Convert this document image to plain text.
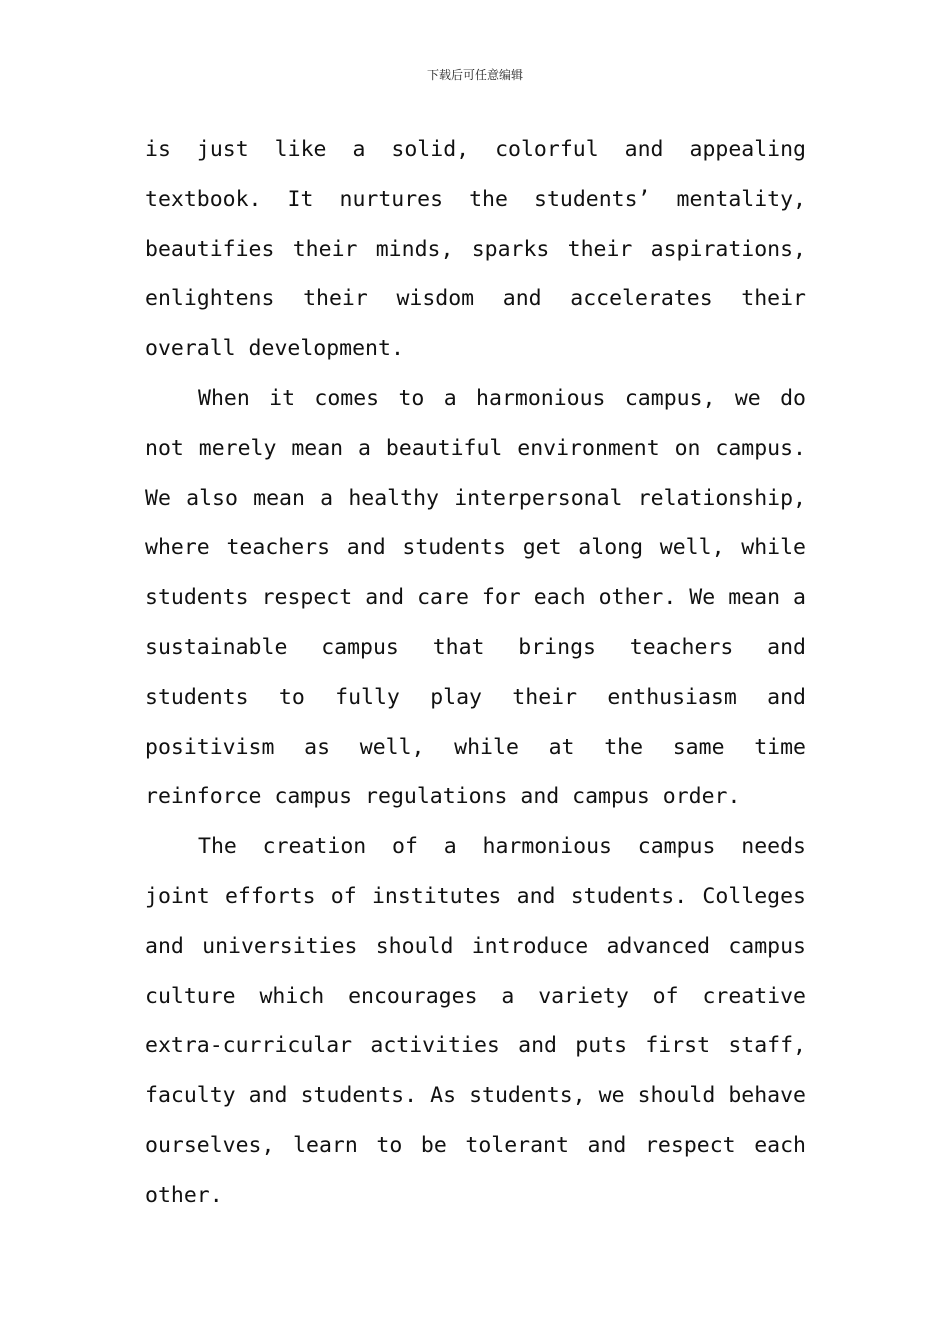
下载后可任意编辑

is just like a solid, colorful and appealing textbook. It nurtures the students’ mentality, beautifies their minds, sparks their aspirations, enlightens their wisdom and accelerates their overall development.

When it comes to a harmonious campus, we do not merely mean a beautiful environment on campus. We also mean a healthy interpersonal relationship, where teachers and students get along well, while students respect and care for each other. We mean a sustainable campus that brings teachers and students to fully play their enthusiasm and positivism as well, while at the same time reinforce campus regulations and campus order.

The creation of a harmonious campus needs joint efforts of institutes and students. Colleges and universities should introduce advanced campus culture which encourages a variety of creative extra-curricular activities and puts first staff, faculty and students. As students, we should behave ourselves, learn to be tolerant and respect each other.
